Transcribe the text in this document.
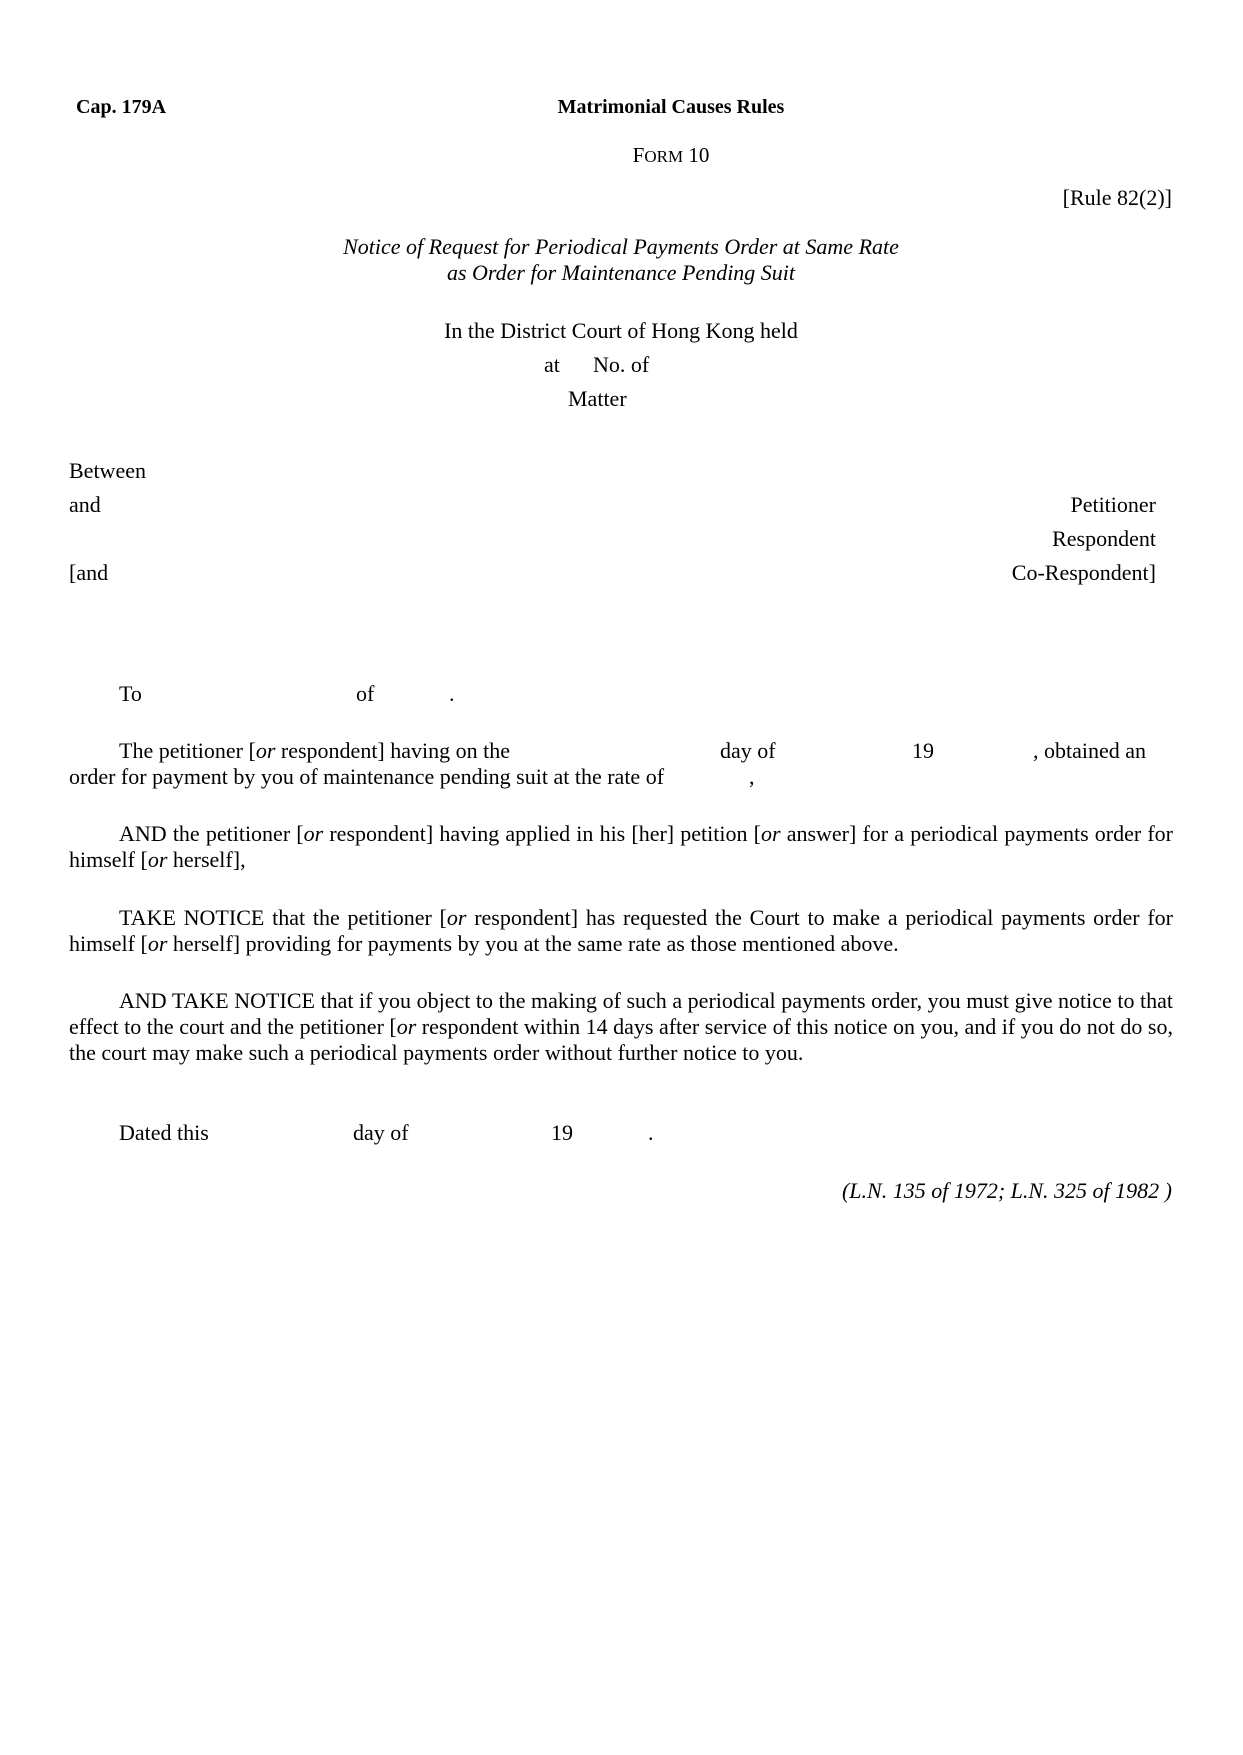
Cap. 179A	Matrimonial Causes Rules
FORM 10
[Rule 82(2)]
Notice of Request for Periodical Payments Order at Same Rate
as Order for Maintenance Pending Suit
In the District Court of Hong Kong held
at No. of
Matter
Between
and	Petitioner
Respondent
[and	Co-Respondent]
To	of	.
The petitioner [or respondent] having on the	day of	19	, obtained an
order for payment by you of maintenance pending suit at the rate of	,
AND the petitioner [or respondent] having applied in his [her] petition [or answer] for a periodical payments order for himself [or herself],
TAKE NOTICE that the petitioner [or respondent] has requested the Court to make a periodical payments order for himself [or herself] providing for payments by you at the same rate as those mentioned above.
AND TAKE NOTICE that if you object to the making of such a periodical payments order, you must give notice to that effect to the court and the petitioner [or respondent within 14 days after service of this notice on you, and if you do not do so, the court may make such a periodical payments order without further notice to you.
Dated this	day of	19	.
(L.N. 135 of 1972; L.N. 325 of 1982 )
